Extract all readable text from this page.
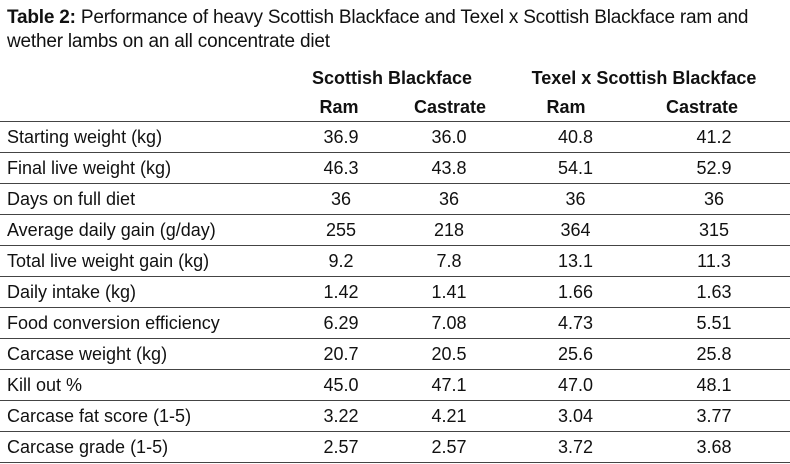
Table 2: Performance of heavy Scottish Blackface and Texel x Scottish Blackface ram and wether lambs on an all concentrate diet
Scottish Blackface	Texel x Scottish Blackface
Ram	Castrate	Ram	Castrate
Starting weight (kg)	36.9	36.0	40.8	41.2
Final live weight (kg)	46.3	43.8	54.1	52.9
Days on full diet	36	36	36	36
Average daily gain (g/day)	255	218	364	315
Total live weight gain (kg)	9.2	7.8	13.1	11.3
Daily intake (kg)	1.42	1.41	1.66	1.63
Food conversion efficiency	6.29	7.08	4.73	5.51
Carcase weight (kg)	20.7	20.5	25.6	25.8
Kill out %	45.0	47.1	47.0	48.1
Carcase fat score (1-5)	3.22	4.21	3.04	3.77
Carcase grade (1-5)	2.57	2.57	3.72	3.68
